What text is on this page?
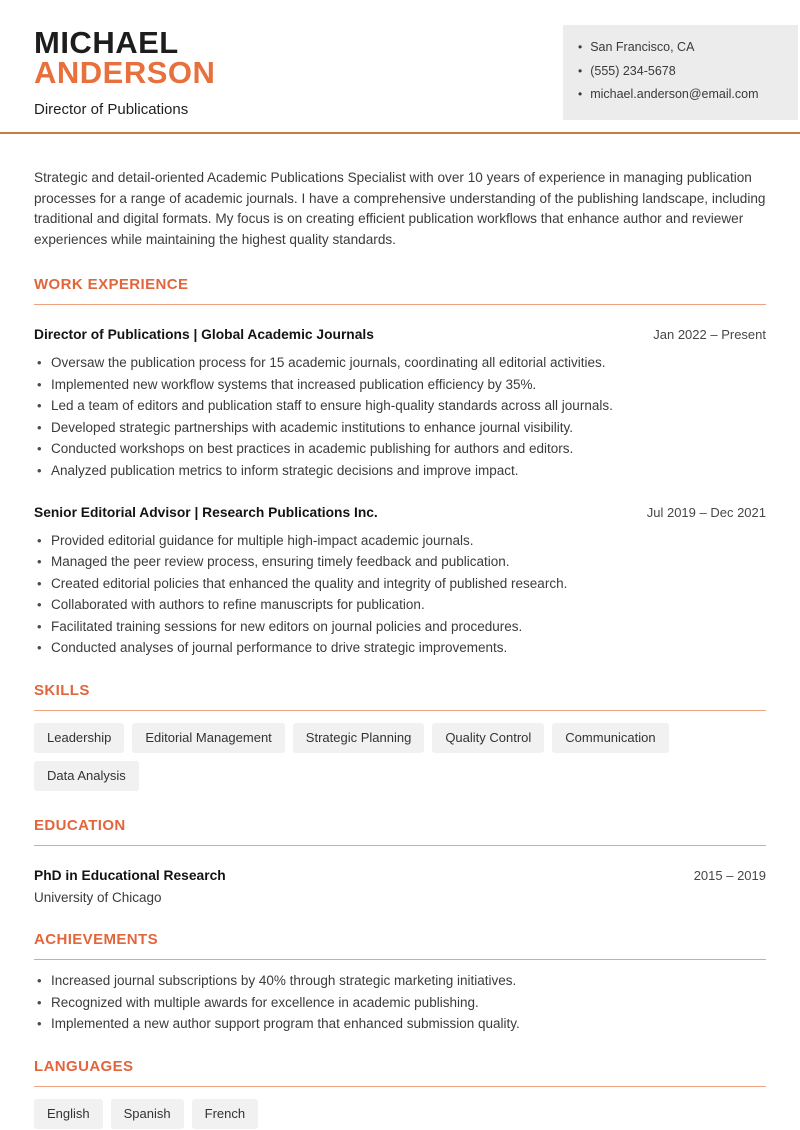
MICHAEL
ANDERSON
Director of Publications
• San Francisco, CA
• (555) 234-5678
• michael.anderson@email.com

Strategic and detail-oriented Academic Publications Specialist with over 10 years of experience in managing publication processes for a range of academic journals. I have a comprehensive understanding of the publishing landscape, including traditional and digital formats. My focus is on creating efficient publication workflows that enhance author and reviewer experiences while maintaining the highest quality standards.

WORK EXPERIENCE
Director of Publications | Global Academic Journals	Jan 2022 – Present
• Oversaw the publication process for 15 academic journals, coordinating all editorial activities.
• Implemented new workflow systems that increased publication efficiency by 35%.
• Led a team of editors and publication staff to ensure high-quality standards across all journals.
• Developed strategic partnerships with academic institutions to enhance journal visibility.
• Conducted workshops on best practices in academic publishing for authors and editors.
• Analyzed publication metrics to inform strategic decisions and improve impact.
Senior Editorial Advisor | Research Publications Inc.	Jul 2019 – Dec 2021
• Provided editorial guidance for multiple high-impact academic journals.
• Managed the peer review process, ensuring timely feedback and publication.
• Created editorial policies that enhanced the quality and integrity of published research.
• Collaborated with authors to refine manuscripts for publication.
• Facilitated training sessions for new editors on journal policies and procedures.
• Conducted analyses of journal performance to drive strategic improvements.
SKILLS
Leadership	Editorial Management	Strategic Planning	Quality Control	Communication
Data Analysis
EDUCATION
PhD in Educational Research	2015 – 2019
University of Chicago
ACHIEVEMENTS
• Increased journal subscriptions by 40% through strategic marketing initiatives.
• Recognized with multiple awards for excellence in academic publishing.
• Implemented a new author support program that enhanced submission quality.
LANGUAGES
English	Spanish	French
